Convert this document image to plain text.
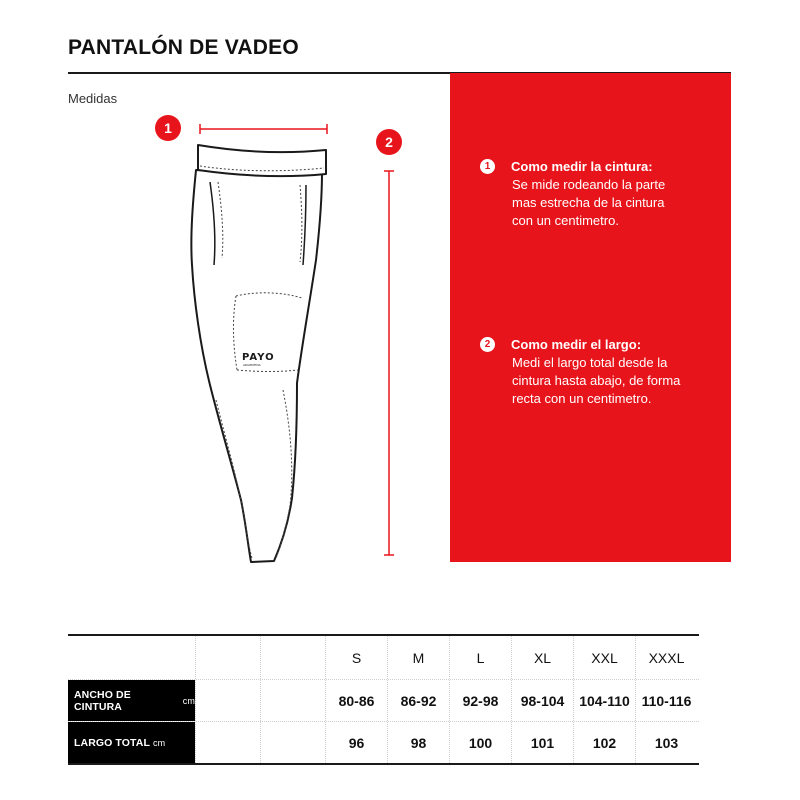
PANTALÓN DE VADEO
Medidas
PAYO
ARGENTINA
1
2
1	Como medir la cintura:
Se mide rodeando la parte
mas estrecha de la cintura
con un centimetro.
2	Como medir el largo:
Medi el largo total desde la
cintura hasta abajo, de forma
recta con un centimetro.
S	M	L	XL	XXL	XXXL
ANCHO DE CINTURA	cm	80-86	86-92	92-98	98-104	104-110 110-116
LARGO TOTAL cm	96	98	100	101	102	103
